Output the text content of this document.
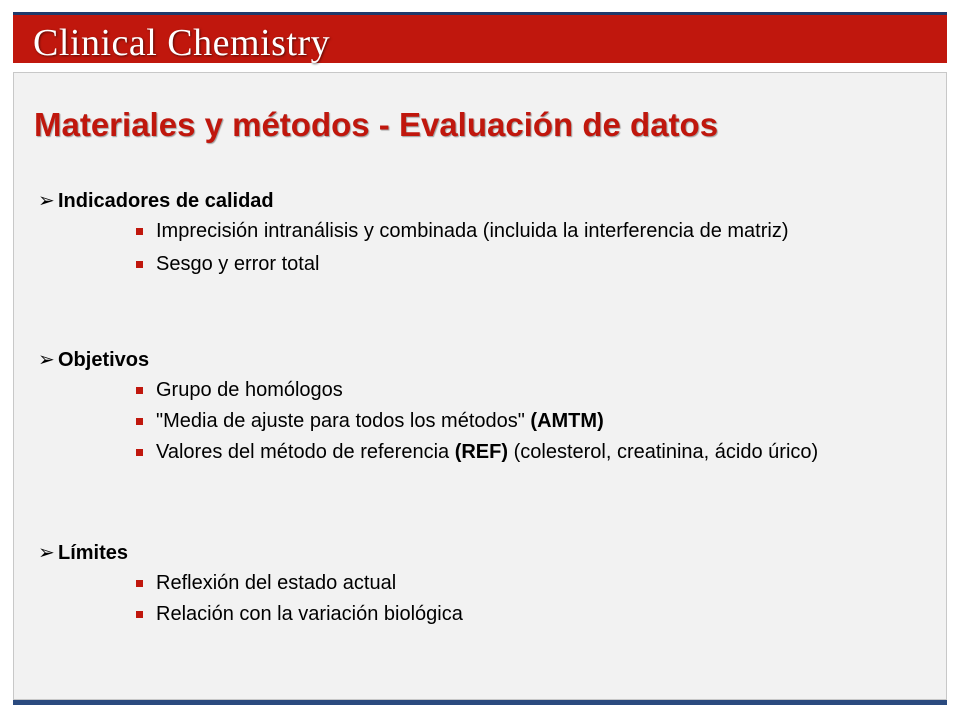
Clinical Chemistry
Materiales y métodos - Evaluación de datos
➢ Indicadores de calidad
Imprecisión intranálisis y combinada (incluida la interferencia de matriz)
Sesgo y error total
➢ Objetivos
Grupo de homólogos
"Media de ajuste para todos los métodos" (AMTM)
Valores del método de referencia (REF) (colesterol, creatinina, ácido úrico)
➢ Límites
Reflexión del estado actual
Relación con la variación biológica
